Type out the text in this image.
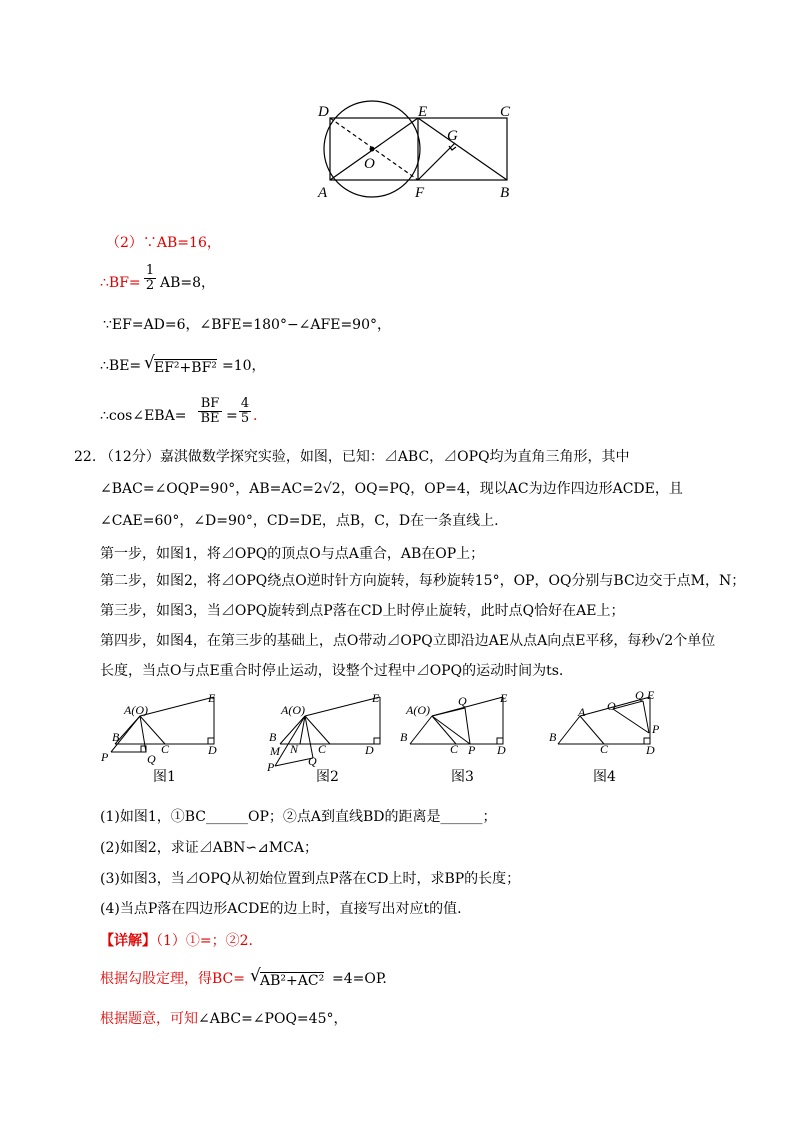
D	E	C
G
O
A	F	B
（2）∵AB=16，
∴BF= $\frac{1}{2} AB=8$，
∵EF=AD=6，∠BFE=180°−∠AFE=90°，
∴BE= √ EF²+BF² =10，
∴cos∠EBA=
BF
BE =
4
5 .
22. （12分）嘉淇做数学探究实验，如图，已知：⊿ABC，⊿OPQ均为直角三角形，其中
∠BAC=∠OQP=90°，AB=AC=2√2，OQ=PQ，OP=4，现以AC为边作四边形ACDE，且
∠CAE=60°，∠D=90°，CD=DE，点B，C，D在一条直线上.
第一步，如图1，将⊿OPQ的顶点O与点A重合，AB在OP上；
第二步，如图2，将⊿OPQ绕点O逆时针方向旋转，每秒旋转15°，OP，OQ分别与BC边交于点M，N；
第三步，如图3，当⊿OPQ旋转到点P落在CD上时停止旋转，此时点Q恰好在AE上；
第四步，如图4，在第三步的基础上，点O带动⊿OPQ立即沿边AE从点A向点E平移，每秒√2个单位
长度，当点O与点E重合时停止运动，设整个过程中⊿OPQ的运动时间为ts.
A(O)
E
B
C	D
P	Q
A(O)
E
B
C	D
P	Q
N
M
A(O)
E
B
C P D
Q
A
E
B
C	D
P
Q
O
图1	图2	图3	图4
(1)如图1，①BC______OP；②点A到直线BD的距离是______；
(2)如图2，求证⊿ABN∽⊿MCA；
(3)如图3，当⊿OPQ从初始位置到点P落在CD上时，求BP的长度；
(4)当点P落在四边形ACDE的边上时，直接写出对应t的值.
【详解】（1）①=；②2.
根据勾股定理，得BC= √ AB²+AC² =4=OP.
根据题意，可知∠ABC=∠POQ=45°，
